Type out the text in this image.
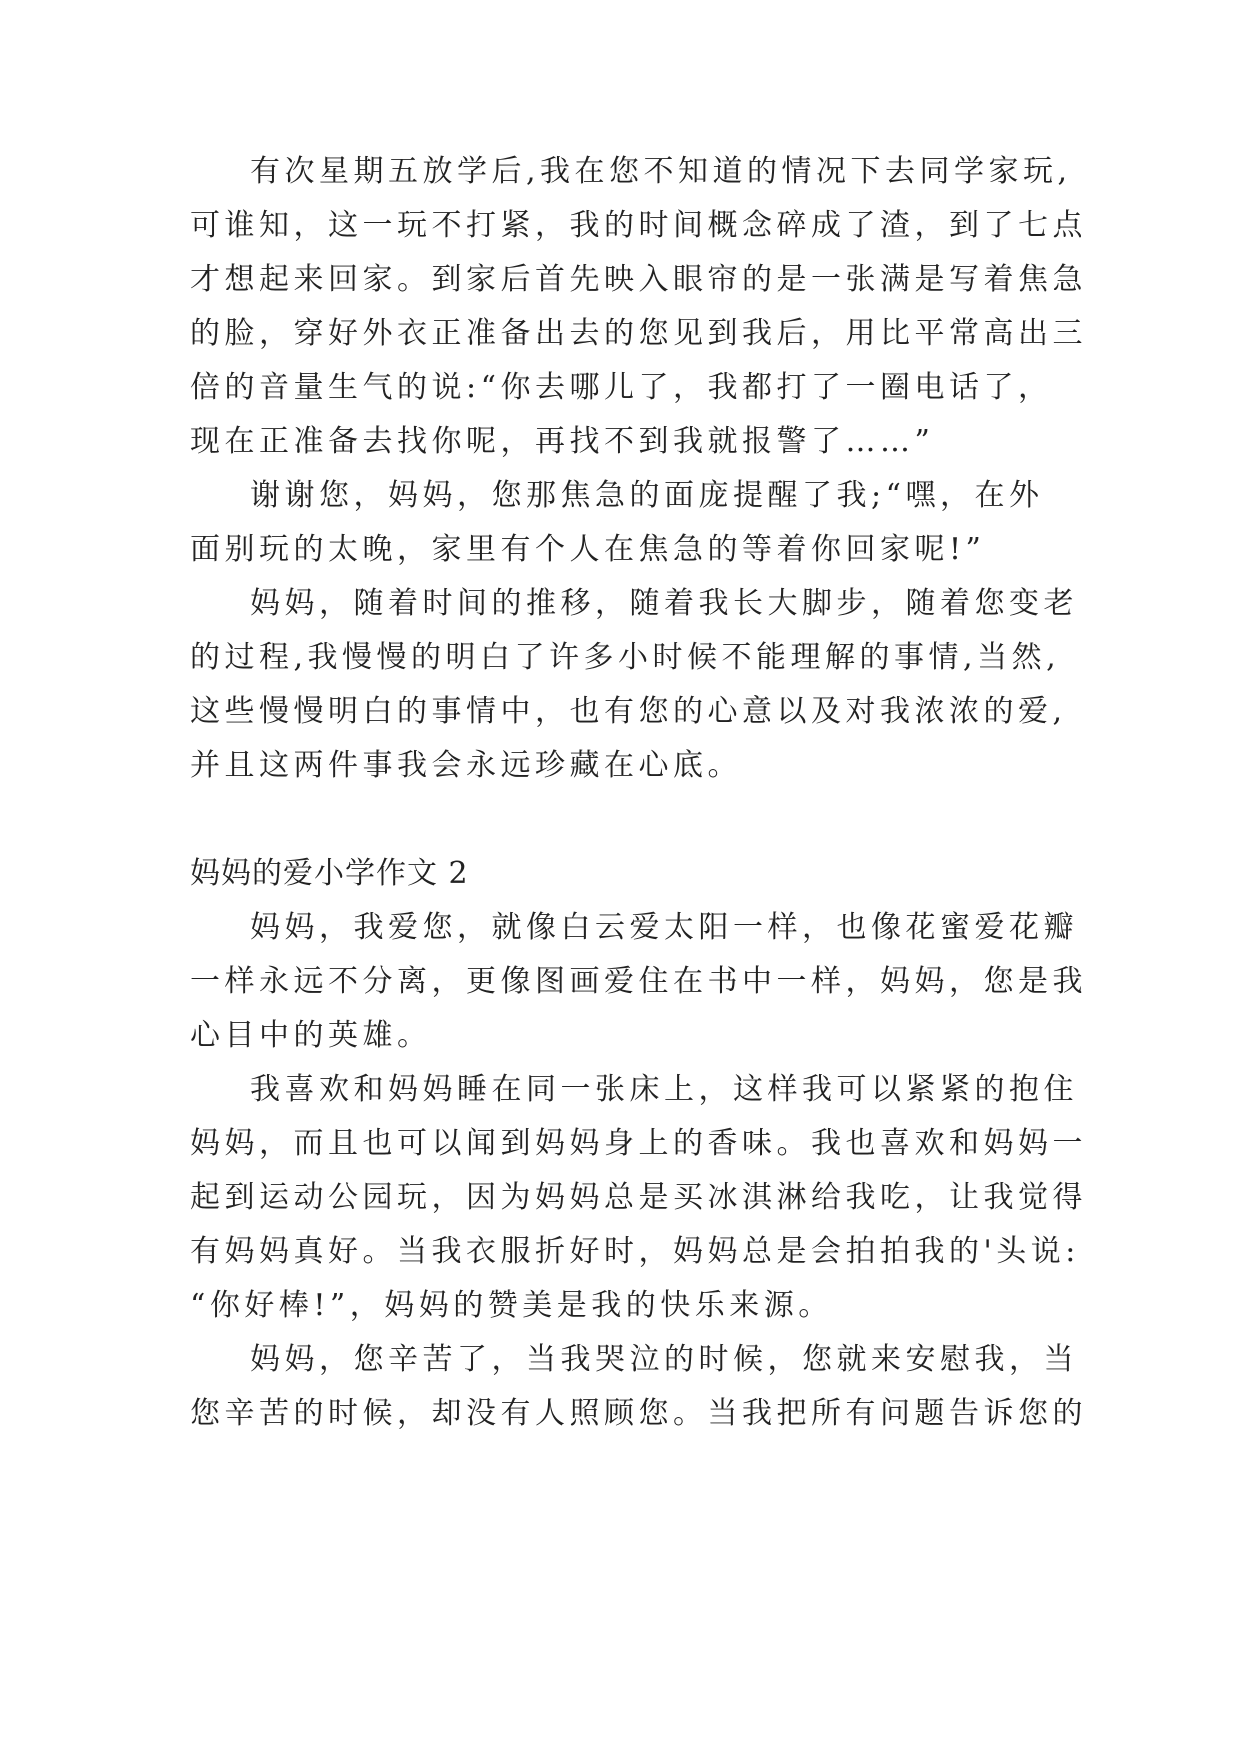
有次星期五放学后,我在您不知道的情况下去同学家玩,
可谁知，这一玩不打紧，我的时间概念碎成了渣，到了七点
才想起来回家。到家后首先映入眼帘的是一张满是写着焦急
的脸，穿好外衣正准备出去的您见到我后，用比平常高出三
倍的音量生气的说:“你去哪儿了，我都打了一圈电话了，
现在正准备去找你呢，再找不到我就报警了……”
谢谢您，妈妈，您那焦急的面庞提醒了我;“嘿，在外
面别玩的太晚，家里有个人在焦急的等着你回家呢!”
妈妈，随着时间的推移，随着我长大脚步，随着您变老
的过程,我慢慢的明白了许多小时候不能理解的事情,当然,
这些慢慢明白的事情中，也有您的心意以及对我浓浓的爱,
并且这两件事我会永远珍藏在心底。
妈妈的爱小学作文 2
妈妈，我爱您，就像白云爱太阳一样，也像花蜜爱花瓣
一样永远不分离，更像图画爱住在书中一样，妈妈，您是我
心目中的英雄。
我喜欢和妈妈睡在同一张床上，这样我可以紧紧的抱住
妈妈，而且也可以闻到妈妈身上的香味。我也喜欢和妈妈一
起到运动公园玩，因为妈妈总是买冰淇淋给我吃，让我觉得
有妈妈真好。当我衣服折好时，妈妈总是会拍拍我的'头说:
“你好棒!”，妈妈的赞美是我的快乐来源。
妈妈，您辛苦了，当我哭泣的时候，您就来安慰我，当
您辛苦的时候，却没有人照顾您。当我把所有问题告诉您的
